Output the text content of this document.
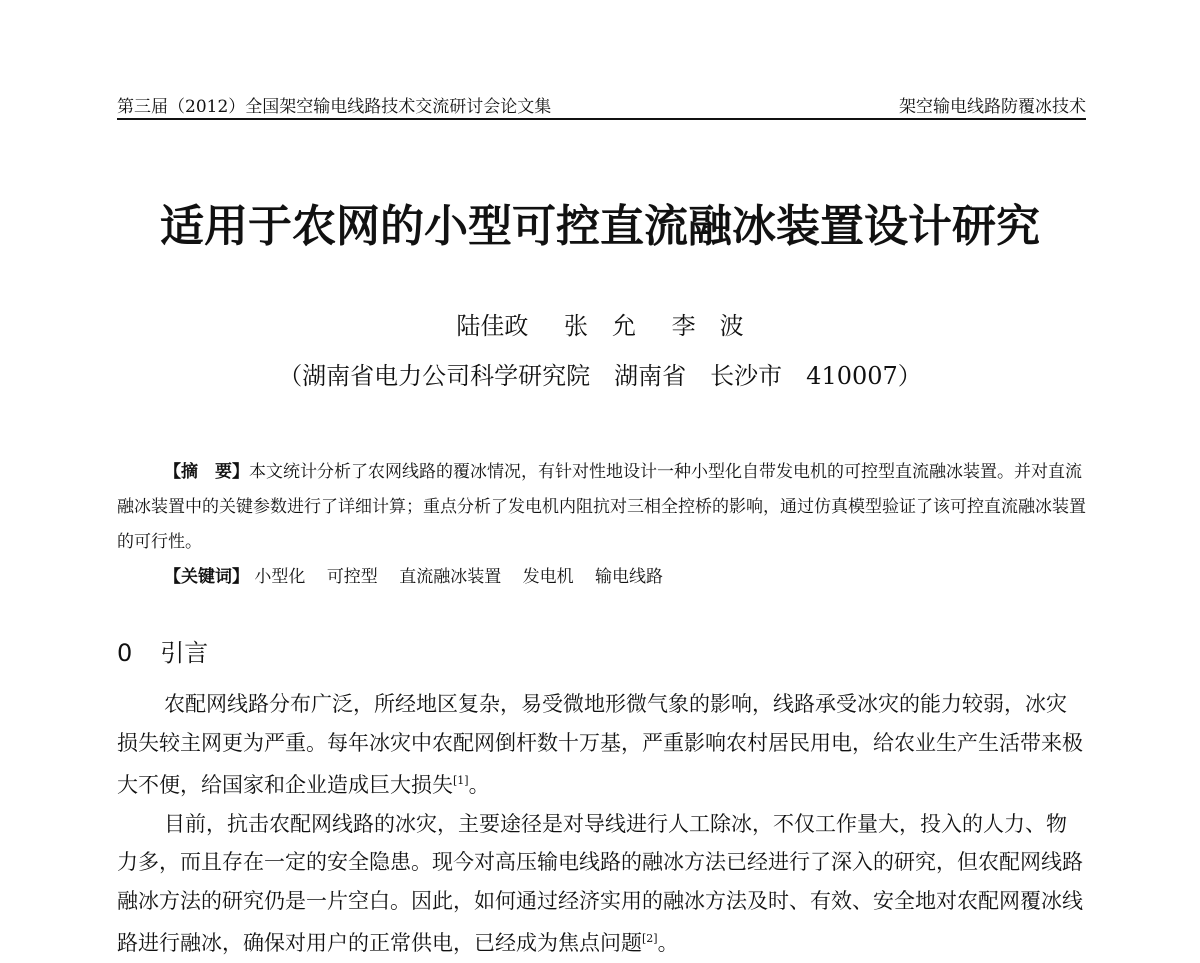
第三届（2012）全国架空输电线路技术交流研讨会论文集	架空输电线路防覆冰技术
适用于农网的小型可控直流融冰装置设计研究
陆佳政 张　允 李　波
（湖南省电力公司科学研究院　湖南省　长沙市　410007）

【摘　要】本文统计分析了农网线路的覆冰情况，有针对性地设计一种小型化自带发电机的可控型直流融冰装置。并对直流融冰装置中的关键参数进行了详细计算；重点分析了发电机内阻抗对三相全控桥的影响，通过仿真模型验证了该可控直流融冰装置的可行性。

【关键词】 小型化 可控型 直流融冰装置 发电机 输电线路
0 引言

农配网线路分布广泛，所经地区复杂，易受微地形微气象的影响，线路承受冰灾的能力较弱，冰灾损失较主网更为严重。每年冰灾中农配网倒杆数十万基，严重影响农村居民用电，给农业生产生活带来极大不便，给国家和企业造成巨大损失[1]。

目前，抗击农配网线路的冰灾，主要途径是对导线进行人工除冰，不仅工作量大，投入的人力、物力多，而且存在一定的安全隐患。现今对高压输电线路的融冰方法已经进行了深入的研究，但农配网线路融冰方法的研究仍是一片空白。因此，如何通过经济实用的融冰方法及时、有效、安全地对农配网覆冰线路进行融冰，确保对用户的正常供电，已经成为焦点问题[2]。
